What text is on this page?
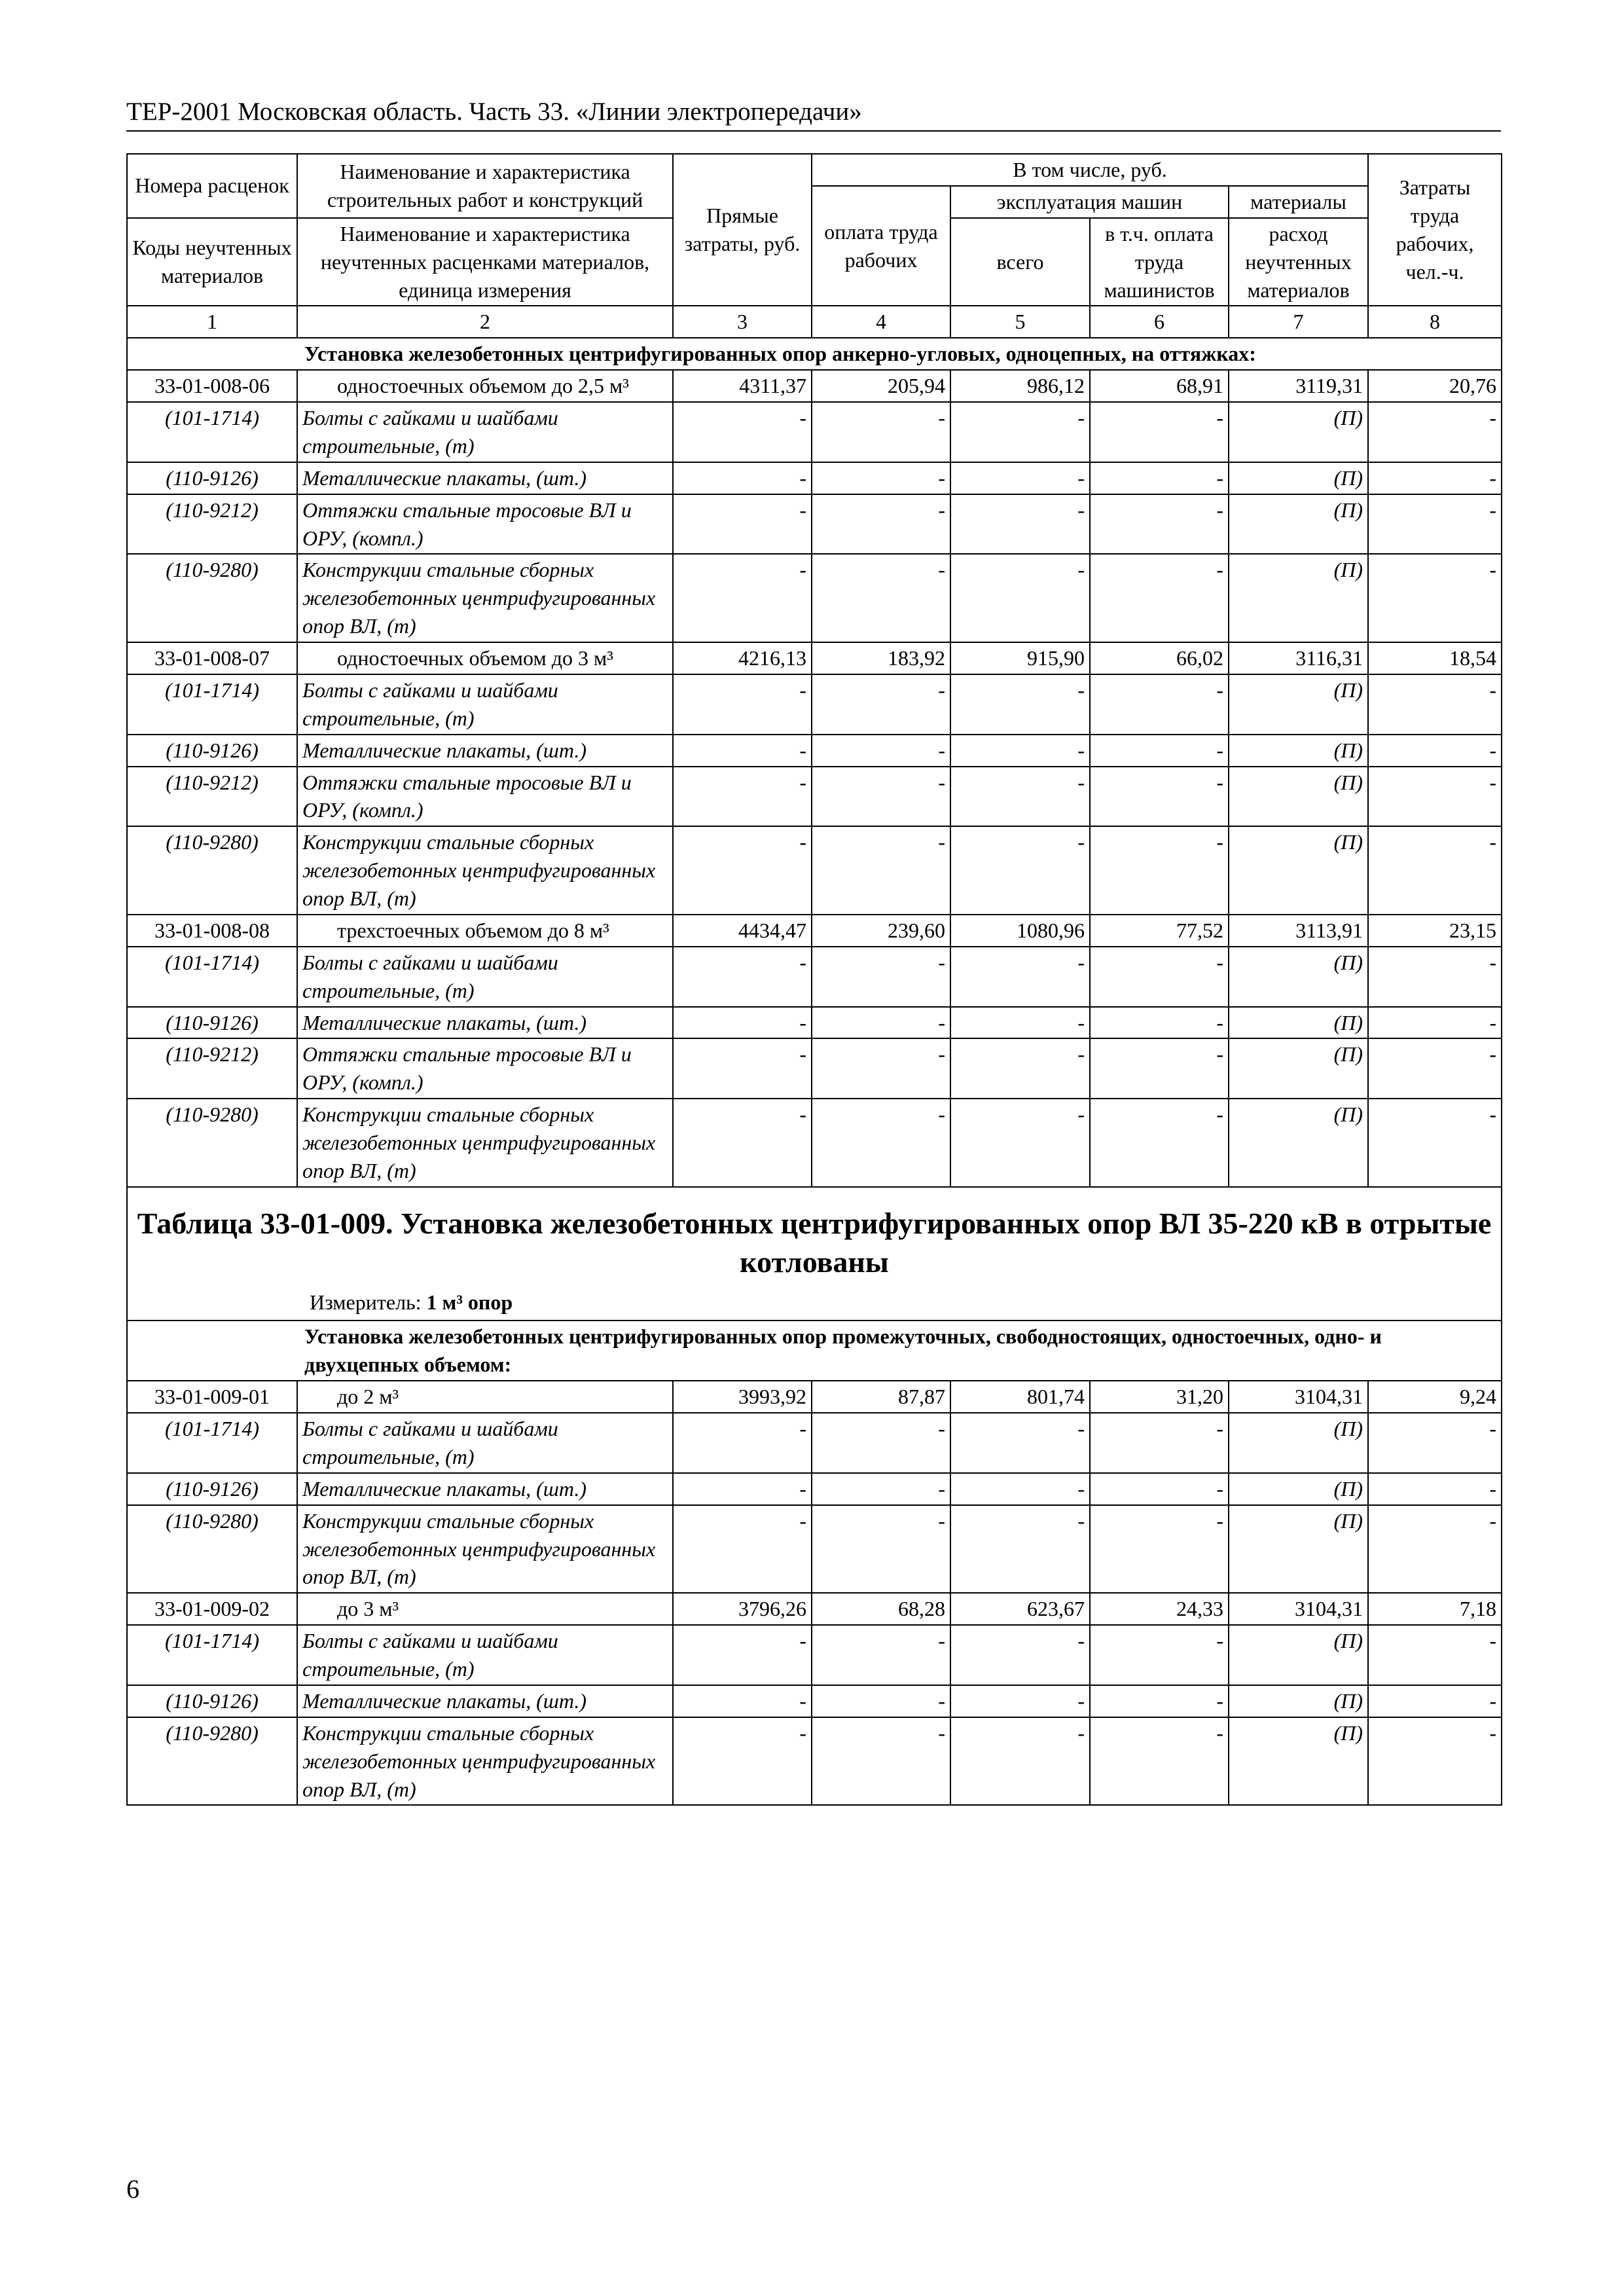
ТЕР-2001 Московская область. Часть 33. «Линии электропередачи»
Номера расценок	Наименование и характеристика строительных работ и конструкций	Прямые затраты, руб.	В том числе, руб.				Затраты труда рабочих, чел.-ч.
			оплата труда рабочих	эксплуатация машин		материалы	
Коды неучтенных материалов	Наименование и характеристика неучтенных расценками материалов, единица измерения			всего	в т.ч. оплата труда машинистов	расход неучтенных материалов	

1	2	3	4	5	6	7	8
Установка железобетонных центрифугированных опор анкерно-угловых, одноцепных, на оттяжках:							
33-01-008-06	одностоечных объемом до 2,5 м³	4311,37	205,94	986,12	68,91	3119,31	20,76
(101-1714)	Болты с гайками и шайбами строительные, (т)	-	-	-	-	(П)	-
(110-9126)	Металлические плакаты, (шт.)	-	-	-	-	(П)	-
(110-9212)	Оттяжки стальные тросовые ВЛ и ОРУ, (компл.)	-	-	-	-	(П)	-
(110-9280)	Конструкции стальные сборных железобетонных центрифугированных опор ВЛ, (т)	-	-	-	-	(П)	-
33-01-008-07	одностоечных объемом до 3 м³	4216,13	183,92	915,90	66,02	3116,31	18,54
(101-1714)	Болты с гайками и шайбами строительные, (т)	-	-	-	-	(П)	-
(110-9126)	Металлические плакаты, (шт.)	-	-	-	-	(П)	-
(110-9212)	Оттяжки стальные тросовые ВЛ и ОРУ, (компл.)	-	-	-	-	(П)	-
(110-9280)	Конструкции стальные сборных железобетонных центрифугированных опор ВЛ, (т)	-	-	-	-	(П)	-
33-01-008-08	трехстоечных объемом до 8 м³	4434,47	239,60	1080,96	77,52	3113,91	23,15
(101-1714)	Болты с гайками и шайбами строительные, (т)	-	-	-	-	(П)	-
(110-9126)	Металлические плакаты, (шт.)	-	-	-	-	(П)	-
(110-9212)	Оттяжки стальные тросовые ВЛ и ОРУ, (компл.)	-	-	-	-	(П)	-
(110-9280)	Конструкции стальные сборных железобетонных центрифугированных опор ВЛ, (т)	-	-	-	-	(П)	-

Таблица 33-01-009. Установка железобетонных центрифугированных опор ВЛ 35-220 кВ в отрытые котлованы
Измеритель: 1 м³ опор							

Установка железобетонных центрифугированных опор промежуточных, свободностоящих, одностоечных, одно- и двухцепных объемом:							
33-01-009-01	до 2 м³	3993,92	87,87	801,74	31,20	3104,31	9,24
(101-1714)	Болты с гайками и шайбами строительные, (т)	-	-	-	-	(П)	-
(110-9126)	Металлические плакаты, (шт.)	-	-	-	-	(П)	-
(110-9280)	Конструкции стальные сборных железобетонных центрифугированных опор ВЛ, (т)	-	-	-	-	(П)	-
33-01-009-02	до 3 м³	3796,26	68,28	623,67	24,33	3104,31	7,18
(101-1714)	Болты с гайками и шайбами строительные, (т)	-	-	-	-	(П)	-
(110-9126)	Металлические плакаты, (шт.)	-	-	-	-	(П)	-
(110-9280)	Конструкции стальные сборных железобетонных центрифугированных опор ВЛ, (т)	-	-	-	-	(П)	-
6
